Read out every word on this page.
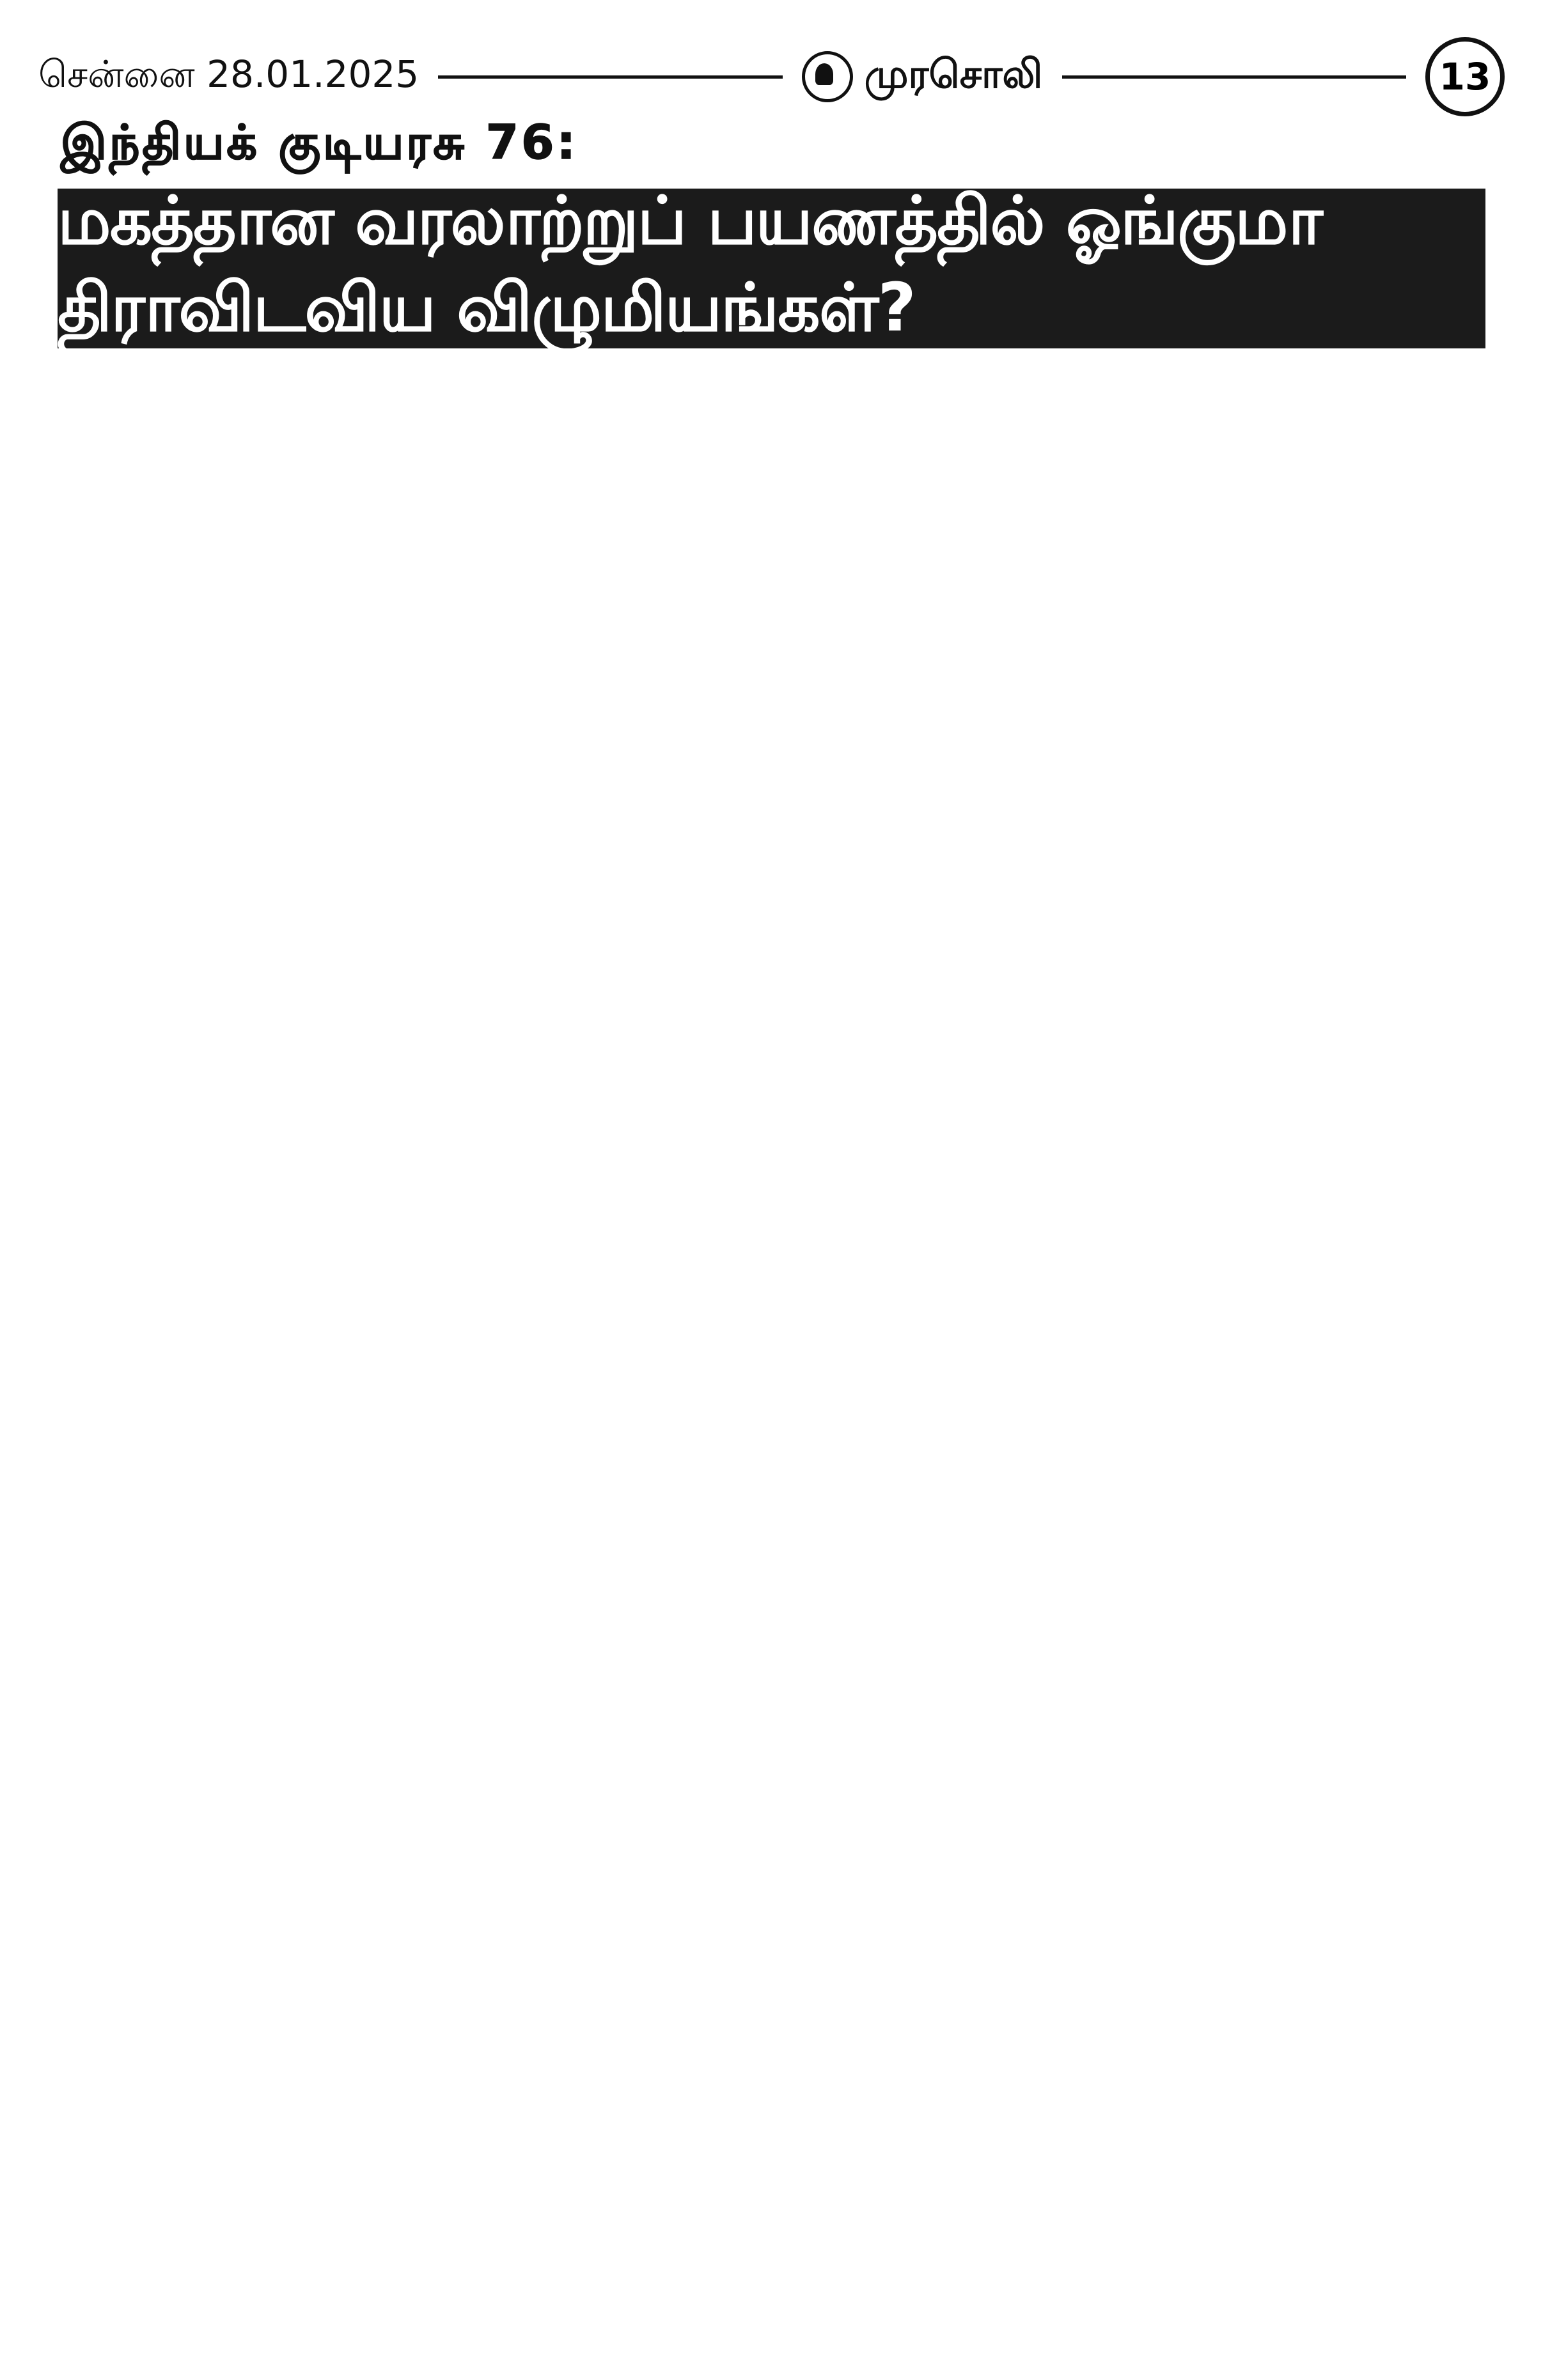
சென்னை 28.01.2025	முரசொலி	13
இந்தியக் குடியரசு 76:
மகத்தான வரலாற்றுப் பயணத்தில் ஓங்குமா திராவிடவிய விழுமியங்கள்?
